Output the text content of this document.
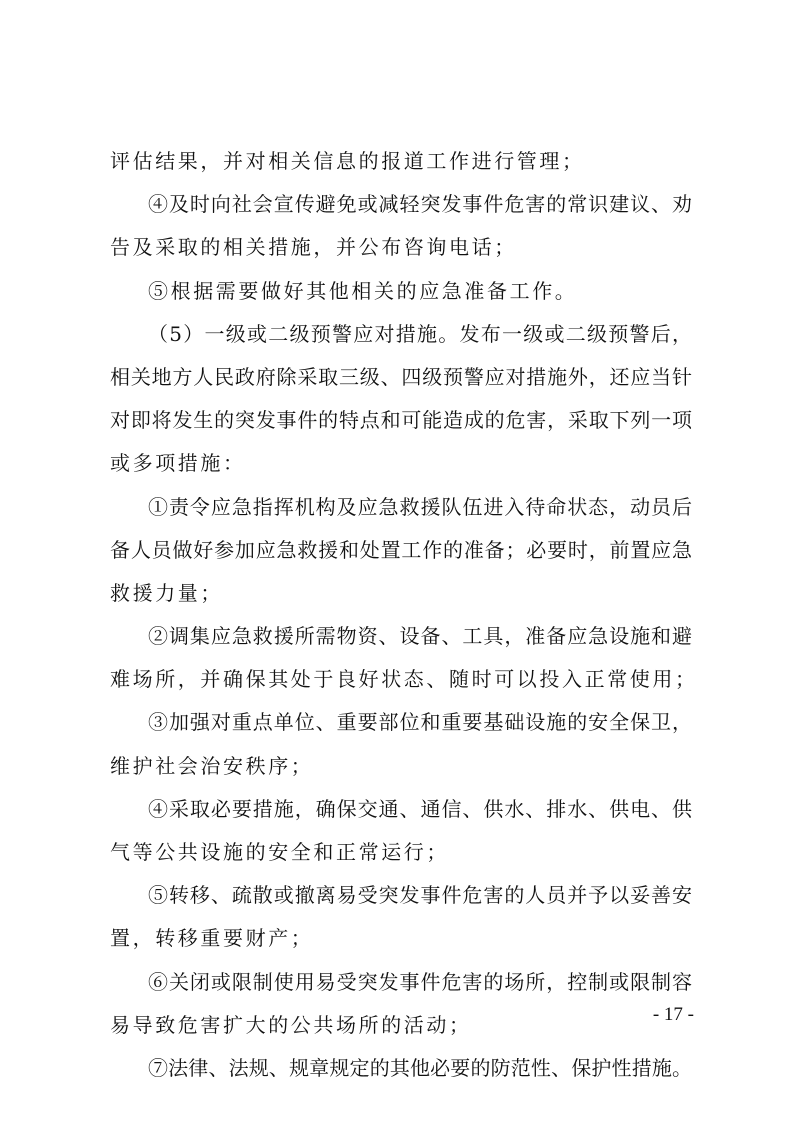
评估结果，并对相关信息的报道工作进行管理；
④及时向社会宣传避免或减轻突发事件危害的常识建议、劝
告及采取的相关措施，并公布咨询电话；
⑤根据需要做好其他相关的应急准备工作。
（5）一级或二级预警应对措施。发布一级或二级预警后，
相关地方人民政府除采取三级、四级预警应对措施外，还应当针
对即将发生的突发事件的特点和可能造成的危害，采取下列一项
或多项措施：
①责令应急指挥机构及应急救援队伍进入待命状态，动员后
备人员做好参加应急救援和处置工作的准备；必要时，前置应急
救援力量；
②调集应急救援所需物资、设备、工具，准备应急设施和避
难场所，并确保其处于良好状态、随时可以投入正常使用；
③加强对重点单位、重要部位和重要基础设施的安全保卫，
维护社会治安秩序；
④采取必要措施，确保交通、通信、供水、排水、供电、供
气等公共设施的安全和正常运行；
⑤转移、疏散或撤离易受突发事件危害的人员并予以妥善安
置，转移重要财产；
⑥关闭或限制使用易受突发事件危害的场所，控制或限制容
易导致危害扩大的公共场所的活动；
⑦法律、法规、规章规定的其他必要的防范性、保护性措施。
- 17 -
